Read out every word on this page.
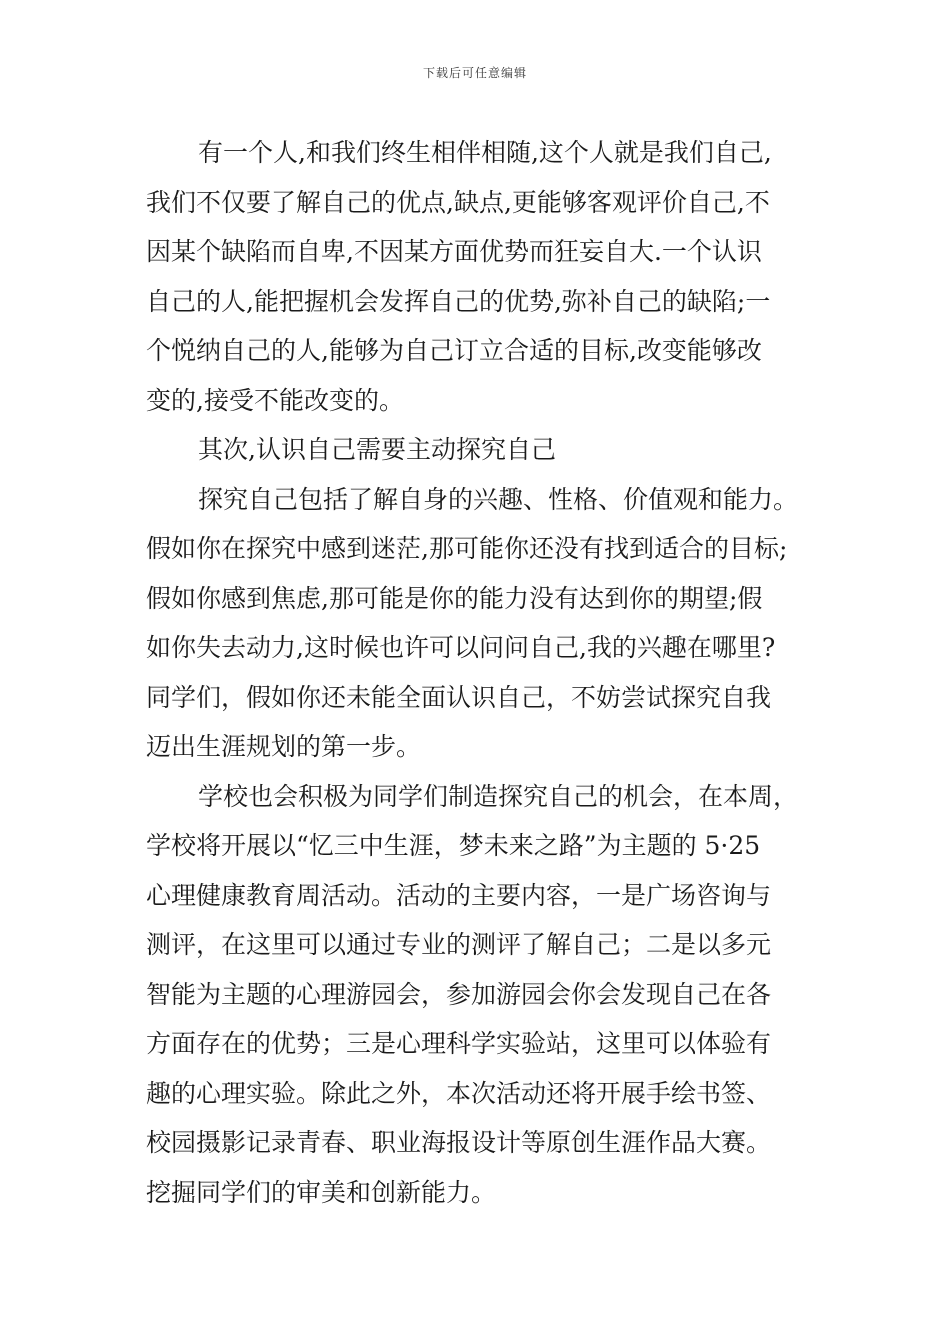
下载后可任意编辑
有一个人,和我们终生相伴相随,这个人就是我们自己,
我们不仅要了解自己的优点,缺点,更能够客观评价自己,不
因某个缺陷而自卑,不因某方面优势而狂妄自大.一个认识
自己的人,能把握机会发挥自己的优势,弥补自己的缺陷;一
个悦纳自己的人,能够为自己订立合适的目标,改变能够改
变的,接受不能改变的。
其次,认识自己需要主动探究自己
探究自己包括了解自身的兴趣、性格、价值观和能力。
假如你在探究中感到迷茫,那可能你还没有找到适合的目标;
假如你感到焦虑,那可能是你的能力没有达到你的期望;假
如你失去动力,这时候也许可以问问自己,我的兴趣在哪里?
同学们，假如你还未能全面认识自己，不妨尝试探究自我
迈出生涯规划的第一步。
学校也会积极为同学们制造探究自己的机会，在本周，
学校将开展以“忆三中生涯，梦未来之路”为主题的 5·25
心理健康教育周活动。活动的主要内容，一是广场咨询与
测评，在这里可以通过专业的测评了解自己；二是以多元
智能为主题的心理游园会，参加游园会你会发现自己在各
方面存在的优势；三是心理科学实验站，这里可以体验有
趣的心理实验。除此之外，本次活动还将开展手绘书签、
校园摄影记录青春、职业海报设计等原创生涯作品大赛。
挖掘同学们的审美和创新能力。
